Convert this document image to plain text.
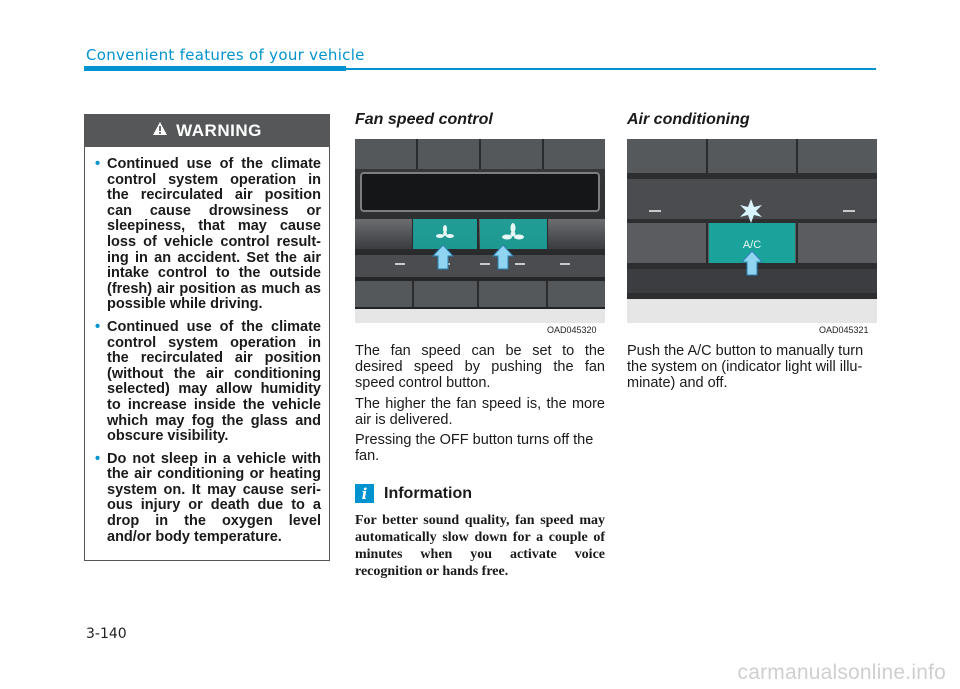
Convenient features of your vehicle
WARNING
• Continued use of the climate control system operation in the recirculated air position can cause drowsiness or sleepiness, that may cause loss of vehicle control result-ing in an accident. Set the air intake control to the outside (fresh) air position as much as possible while driving.
• Continued use of the climate control system operation in the recirculated air position (without the air conditioning selected) may allow humidity to increase inside the vehicle which may fog the glass and obscure visibility.
• Do not sleep in a vehicle with the air conditioning or heating system on. It may cause seri-ous injury or death due to a drop in the oxygen level and/or body temperature.
Fan speed control
OAD045320
The fan speed can be set to the desired speed by pushing the fan speed control button.
The higher the fan speed is, the more air is delivered.
Pressing the OFF button turns off the fan.
i	Information
For better sound quality, fan speed may automatically slow down for a couple of minutes when you activate voice recognition or hands free.
Air conditioning
A/C
OAD045321
Push the A/C button to manually turn the system on (indicator light will illu-minate) and off.
3-140
carmanualsonline.info
